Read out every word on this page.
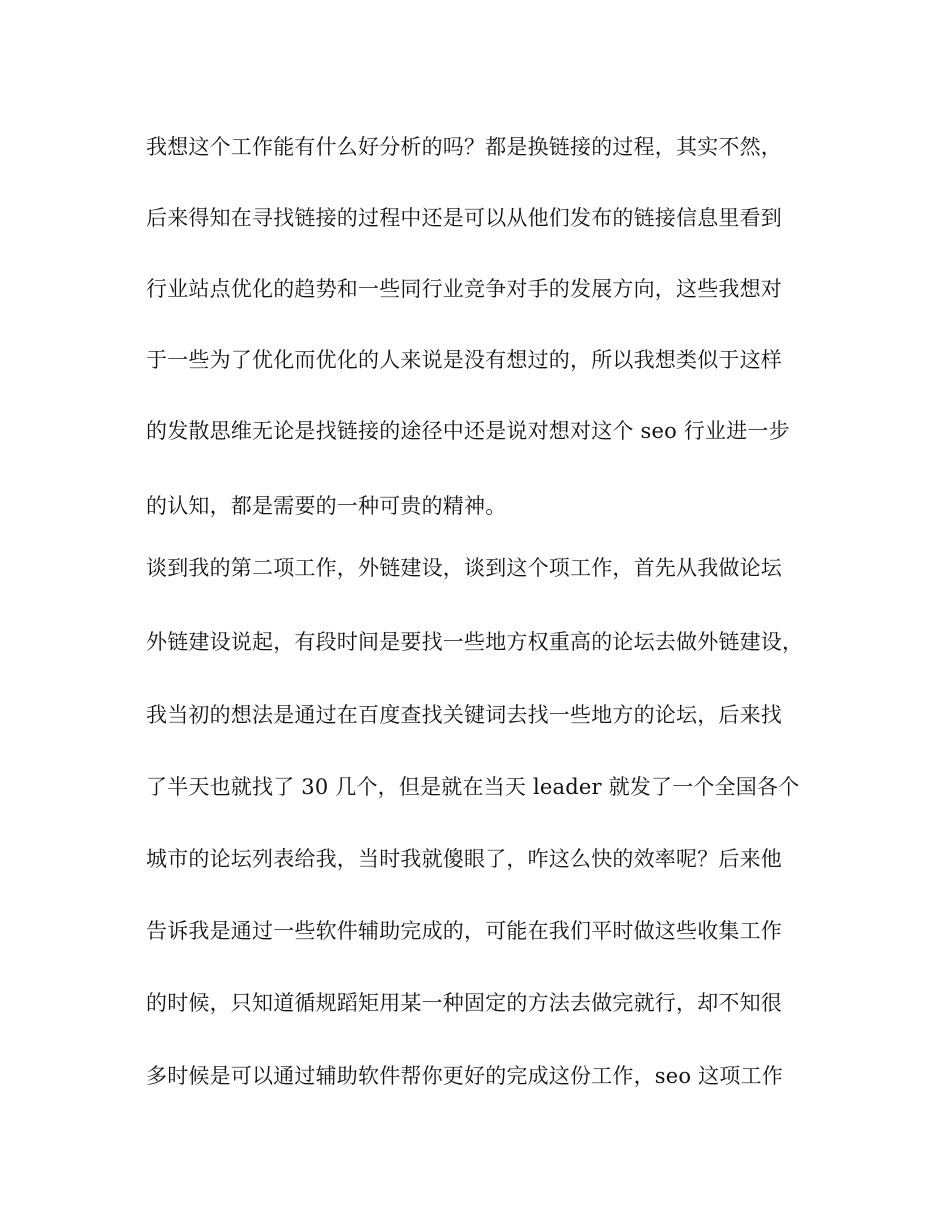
我想这个工作能有什么好分析的吗？都是换链接的过程，其实不然，
后来得知在寻找链接的过程中还是可以从他们发布的链接信息里看到
行业站点优化的趋势和一些同行业竞争对手的发展方向，这些我想对
于一些为了优化而优化的人来说是没有想过的，所以我想类似于这样
的发散思维无论是找链接的途径中还是说对想对这个 seo 行业进一步
的认知，都是需要的一种可贵的精神。
谈到我的第二项工作，外链建设，谈到这个项工作，首先从我做论坛
外链建设说起，有段时间是要找一些地方权重高的论坛去做外链建设，
我当初的想法是通过在百度查找关键词去找一些地方的论坛，后来找
了半天也就找了 30 几个，但是就在当天 leader 就发了一个全国各个
城市的论坛列表给我，当时我就傻眼了，咋这么快的效率呢？后来他
告诉我是通过一些软件辅助完成的，可能在我们平时做这些收集工作
的时候，只知道循规蹈矩用某一种固定的方法去做完就行，却不知很
多时候是可以通过辅助软件帮你更好的完成这份工作，seo 这项工作
